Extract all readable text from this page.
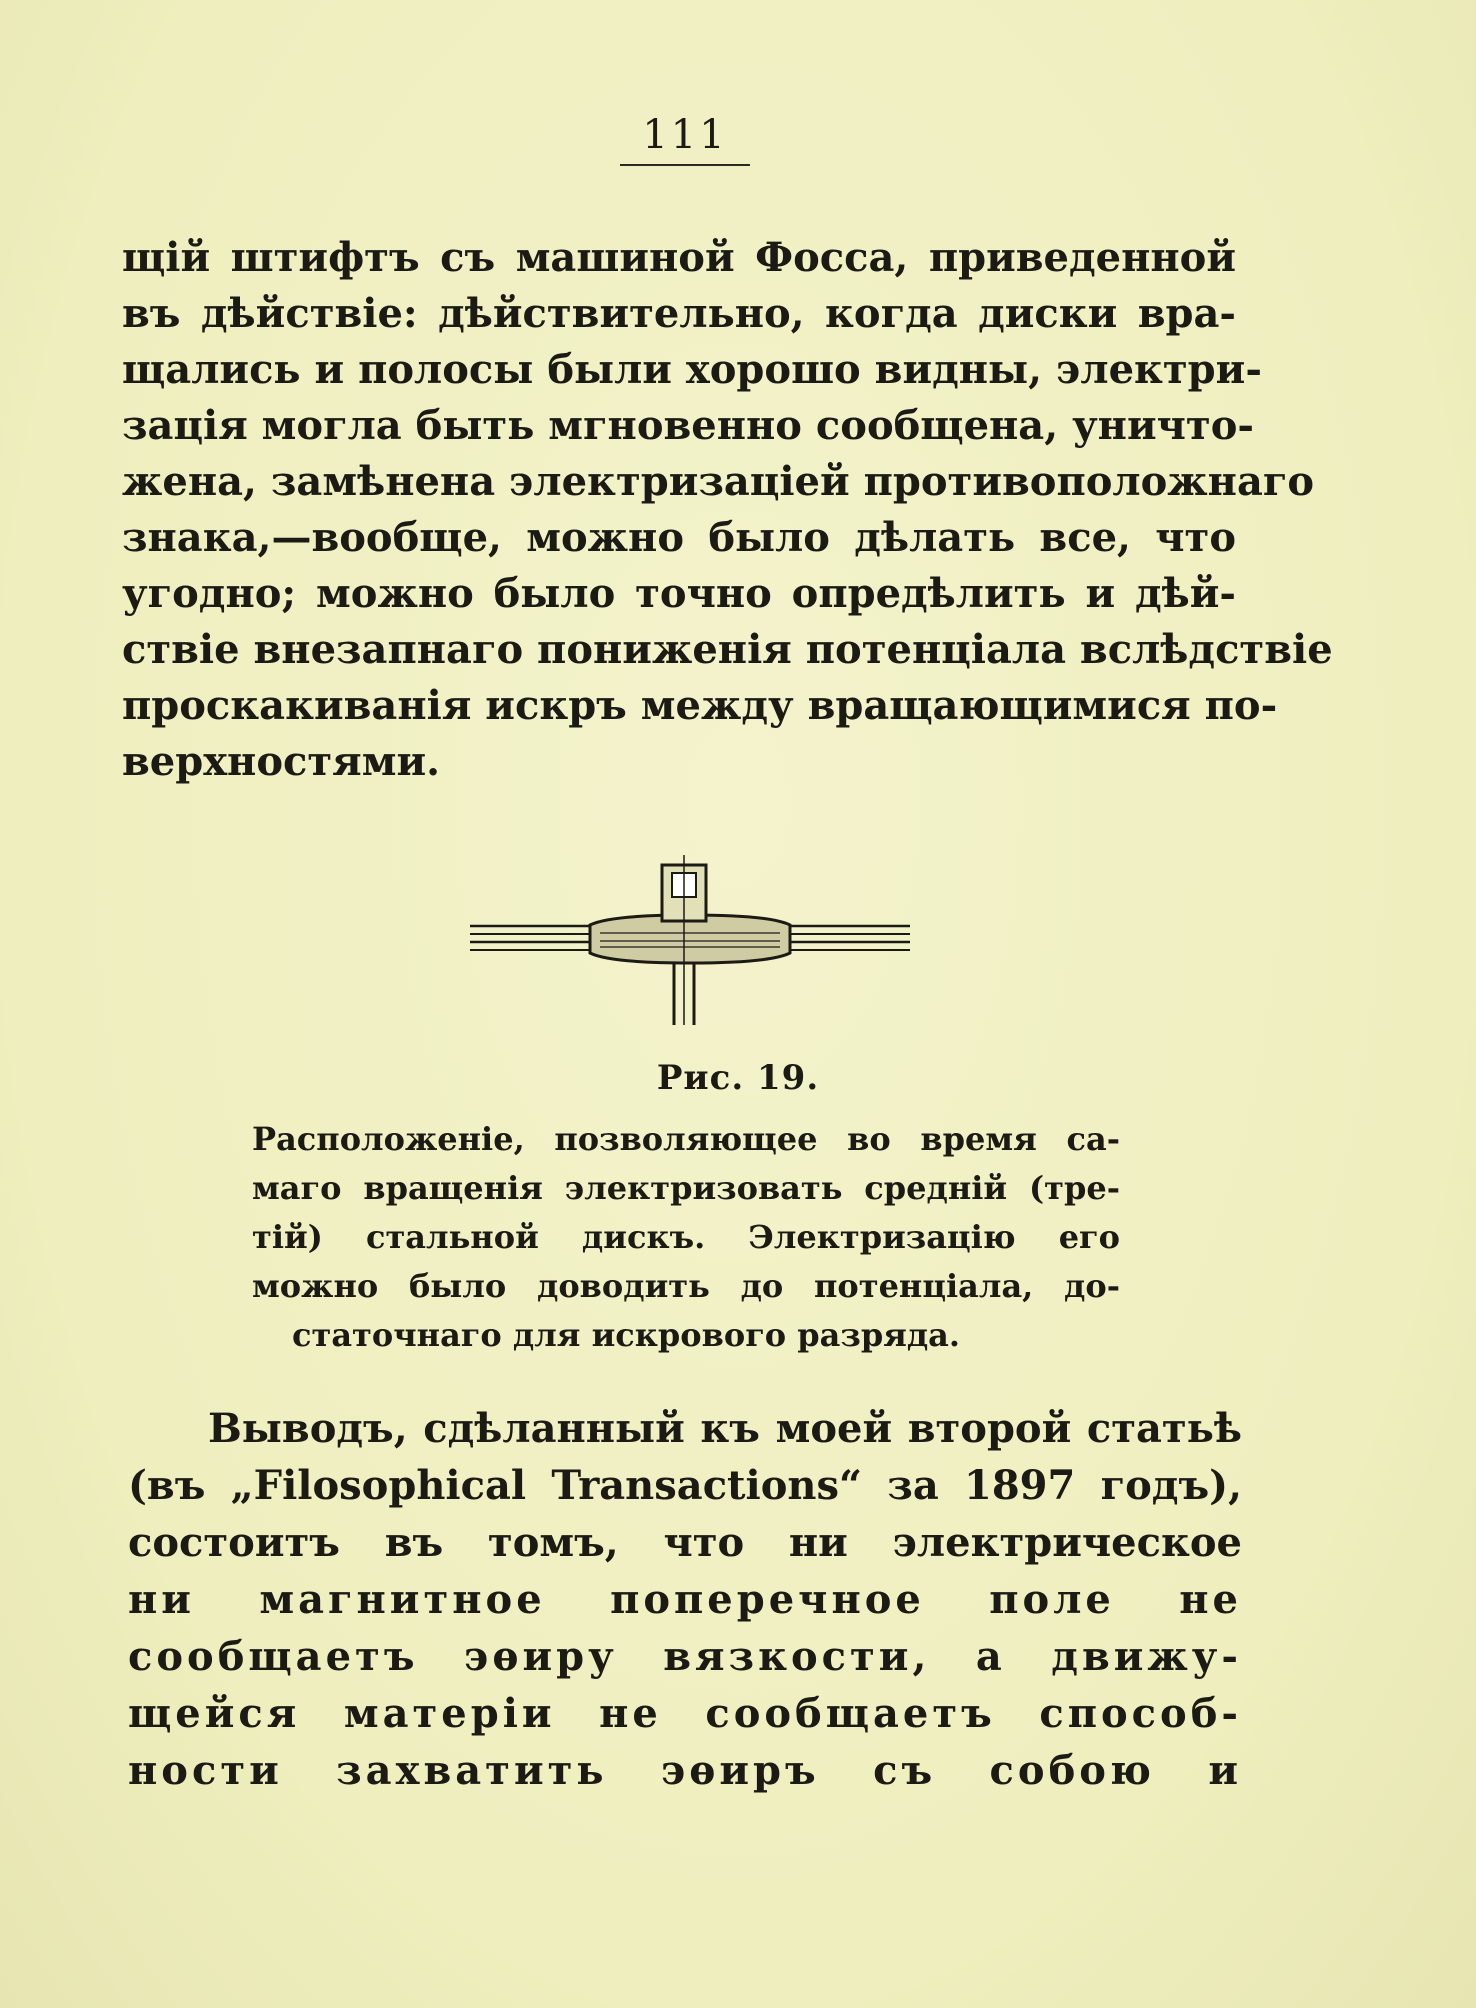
111
щій штифтъ съ машиной Фосса, приведенной
въ дѣйствіе: дѣйствительно, когда диски вра-
щались и полосы были хорошо видны, электри-
зація могла быть мгновенно сообщена, уничто-
жена, замѣнена электризаціей противоположнаго
знака,—вообще, можно было дѣлать все, что
угодно; можно было точно опредѣлить и дѣй-
ствіе внезапнаго пониженія потенціала вслѣдствіе
проскакиванія искръ между вращающимися по-
верхностями.
Рис. 19.
Расположеніе, позволяющее во время са-
маго вращенія электризовать средній (тре-
тій) стальной дискъ. Электризацію его
можно было доводить до потенціала, до-
статочнаго для искрового разряда.
Выводъ, сдѣланный къ моей второй статьѣ
(въ „Filosophical Transactions“ за 1897 годъ),
состоитъ въ томъ, что ни электрическое
ни магнитное поперечное поле не
сообщаетъ эѳиру вязкости, а движу-
щейся матеріи не сообщаетъ способ-
ности захватить эѳиръ съ собою и
